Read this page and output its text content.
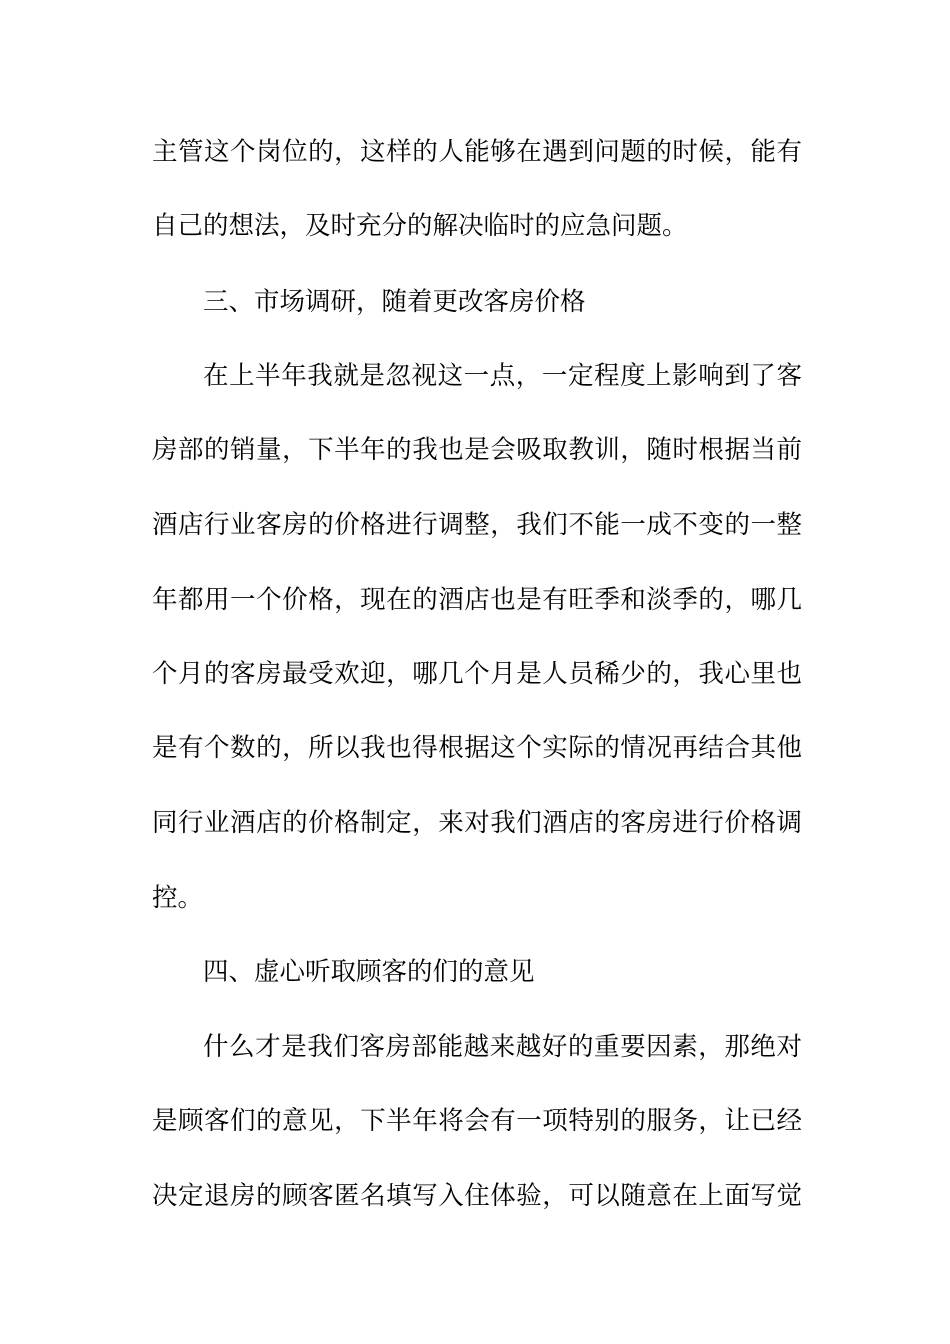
主管这个岗位的，这样的人能够在遇到问题的时候，能有
自己的想法，及时充分的解决临时的应急问题。
三、市场调研，随着更改客房价格
在上半年我就是忽视这一点，一定程度上影响到了客
房部的销量，下半年的我也是会吸取教训，随时根据当前
酒店行业客房的价格进行调整，我们不能一成不变的一整
年都用一个价格，现在的酒店也是有旺季和淡季的，哪几
个月的客房最受欢迎，哪几个月是人员稀少的，我心里也
是有个数的，所以我也得根据这个实际的情况再结合其他
同行业酒店的价格制定，来对我们酒店的客房进行价格调
控。
四、虚心听取顾客的们的意见
什么才是我们客房部能越来越好的重要因素，那绝对
是顾客们的意见，下半年将会有一项特别的服务，让已经
决定退房的顾客匿名填写入住体验，可以随意在上面写觉
